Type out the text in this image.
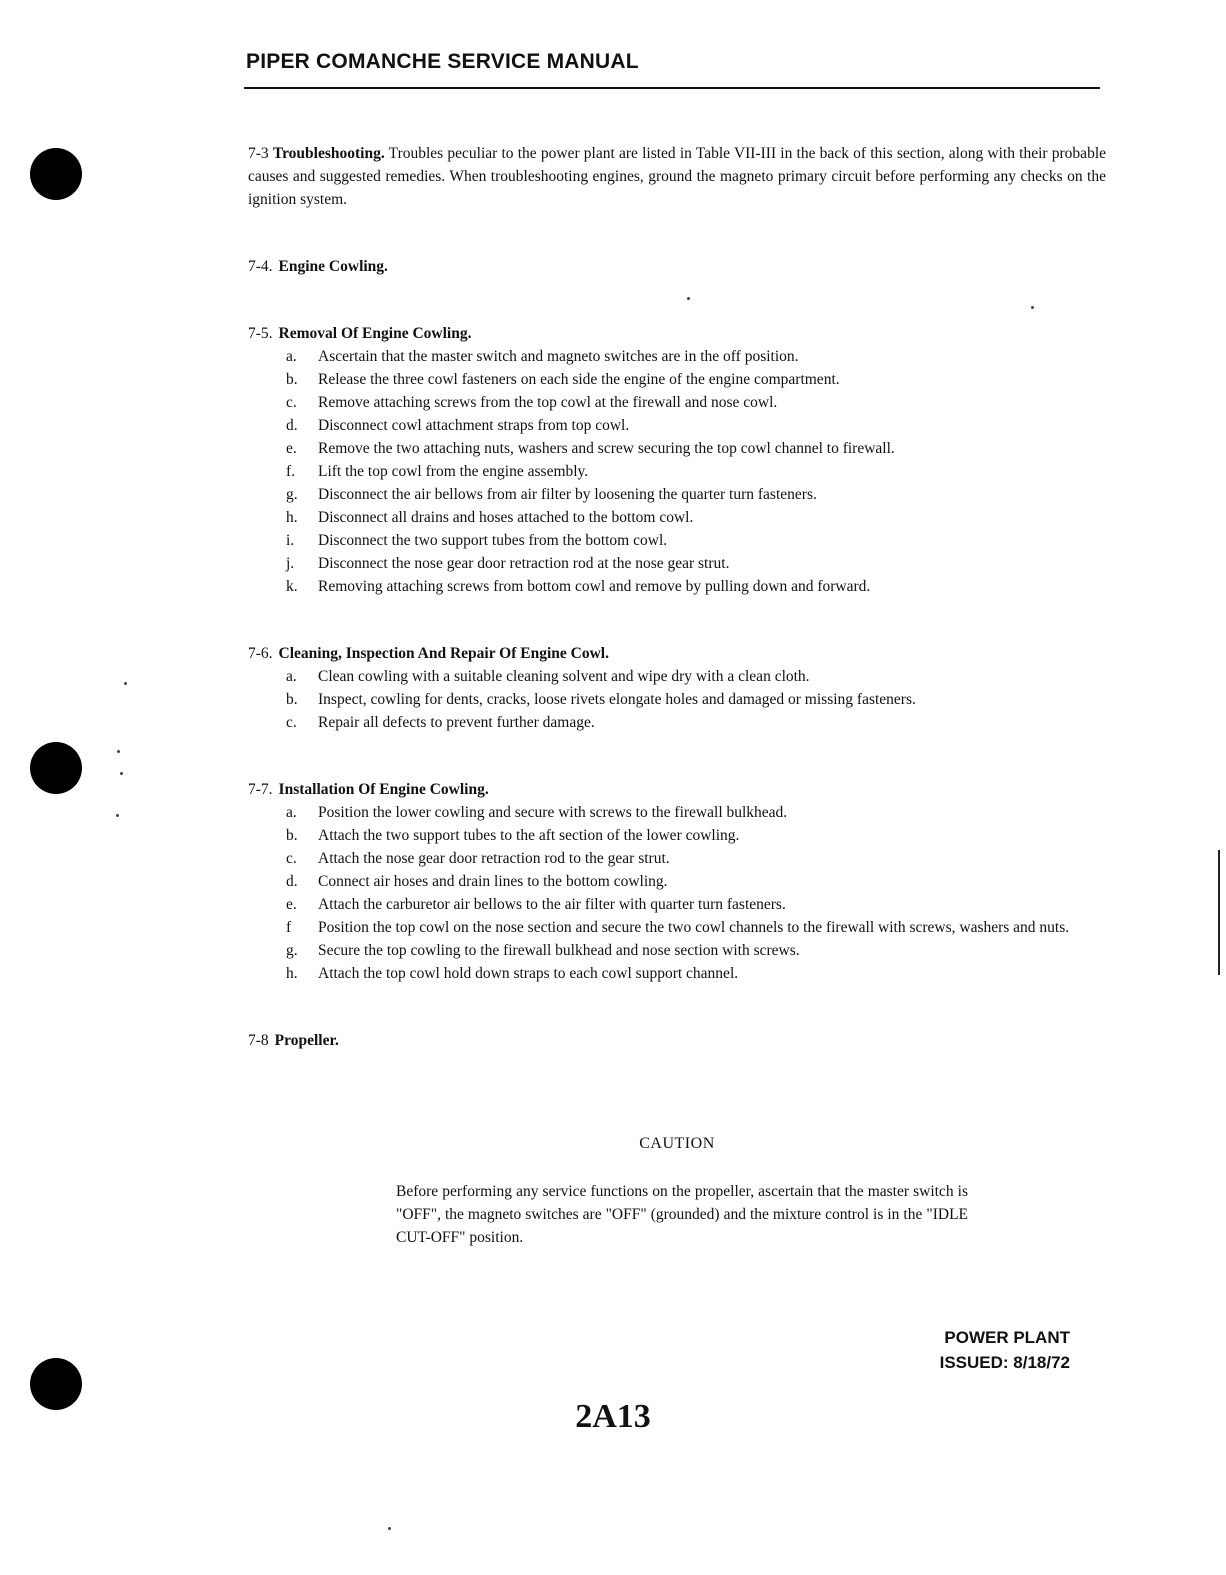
PIPER COMANCHE SERVICE MANUAL

7-3 Troubleshooting. Troubles peculiar to the power plant are listed in Table VII-III in the back of this section, along with their probable causes and suggested remedies. When troubleshooting engines, ground the magneto primary circuit before performing any checks on the ignition system.

7-4. Engine Cowling.

7-5. Removal Of Engine Cowling.

a. Ascertain that the master switch and magneto switches are in the off position.
b. Release the three cowl fasteners on each side the engine of the engine compartment.
c. Remove attaching screws from the top cowl at the firewall and nose cowl.
d. Disconnect cowl attachment straps from top cowl.
e. Remove the two attaching nuts, washers and screw securing the top cowl channel to firewall.
f. Lift the top cowl from the engine assembly.
g. Disconnect the air bellows from air filter by loosening the quarter turn fasteners.
h. Disconnect all drains and hoses attached to the bottom cowl.
i. Disconnect the two support tubes from the bottom cowl.
j. Disconnect the nose gear door retraction rod at the nose gear strut.
k. Removing attaching screws from bottom cowl and remove by pulling down and forward.

7-6. Cleaning, Inspection And Repair Of Engine Cowl.

a. Clean cowling with a suitable cleaning solvent and wipe dry with a clean cloth.
b. Inspect, cowling for dents, cracks, loose rivets elongate holes and damaged or missing fasteners.
c. Repair all defects to prevent further damage.

7-7. Installation Of Engine Cowling.

a. Position the lower cowling and secure with screws to the firewall bulkhead.
b. Attach the two support tubes to the aft section of the lower cowling.
c. Attach the nose gear door retraction rod to the gear strut.
d. Connect air hoses and drain lines to the bottom cowling.
e. Attach the carburetor air bellows to the air filter with quarter turn fasteners.
f Position the top cowl on the nose section and secure the two cowl channels to the firewall with screws, washers and nuts.
g. Secure the top cowling to the firewall bulkhead and nose section with screws.
h. Attach the top cowl hold down straps to each cowl support channel.

7-8 Propeller.

CAUTION
Before performing any service functions on the propeller, ascertain that the master switch is "OFF", the magneto switches are "OFF" (grounded) and the mixture control is in the "IDLE CUT-OFF" position.
POWER PLANT
ISSUED: 8/18/72
2A13
